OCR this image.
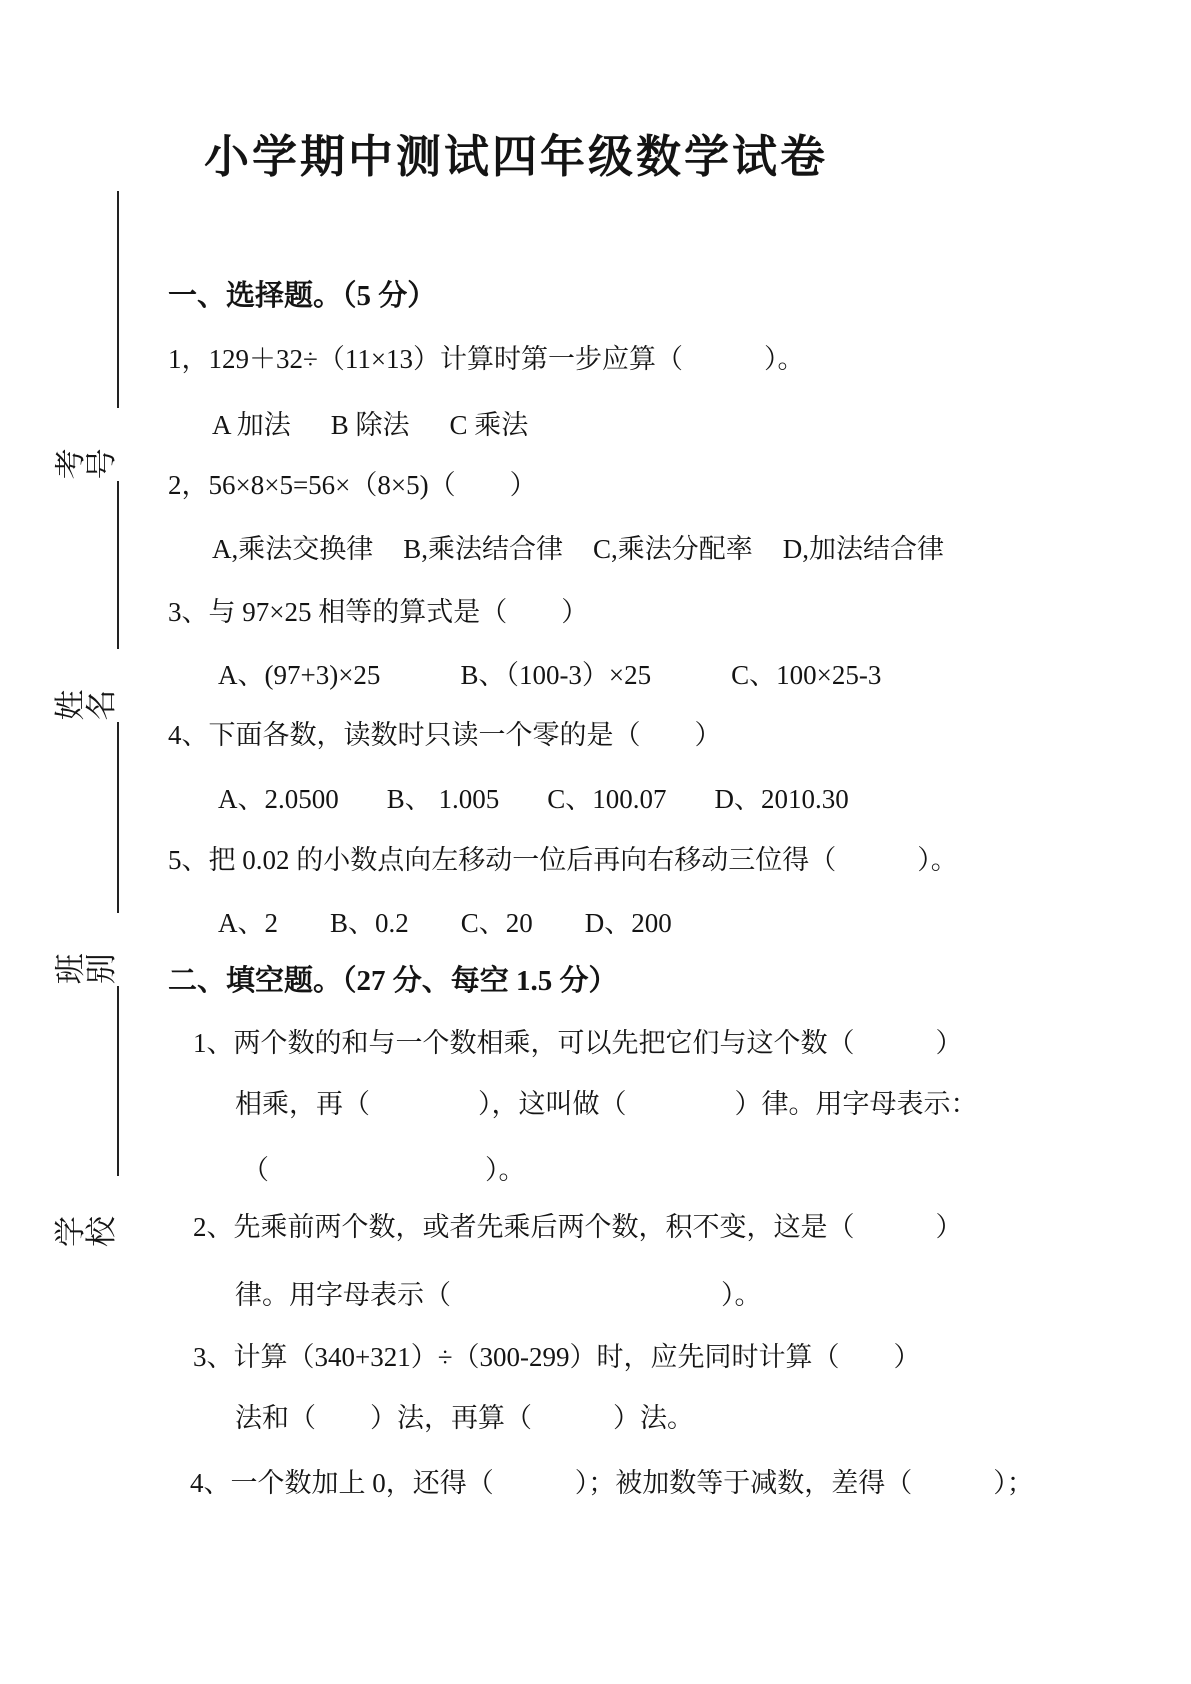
学校
班别
姓名
考号
小学期中测试四年级数学试卷
一、选择题。（5 分）
1，129＋32÷（11×13）计算时第一步应算（　　　）。
A 加法 B 除法 C 乘法
2，56×8×5=56×（8×5)（　　）
A,乘法交换律 B,乘法结合律 C,乘法分配率 D,加法结合律
3、与 97×25 相等的算式是（　　）
A、(97+3)×25	B、（100-3）×25	C、100×25-3
4、下面各数，读数时只读一个零的是（　　）
A、2.0500 B、 1.005 C、100.07 D、2010.30
5、把 0.02 的小数点向左移动一位后再向右移动三位得（　　　）。
A、2 B、0.2 C、20 D、200
二、填空题。（27 分、每空 1.5 分）
1、两个数的和与一个数相乘，可以先把它们与这个数（　　　）
相乘，再（　　　　），这叫做（　　　　）律。用字母表示：
（　　　　　　　　）。
2、先乘前两个数，或者先乘后两个数，积不变，这是（　　　）
律。用字母表示（　　　　　　　　　　）。
3、计算（340+321）÷（300-299）时，应先同时计算（　　）
法和（　　）法，再算（　　　）法。
4、一个数加上 0，还得（　　　）；被加数等于减数，差得（　　　）；
